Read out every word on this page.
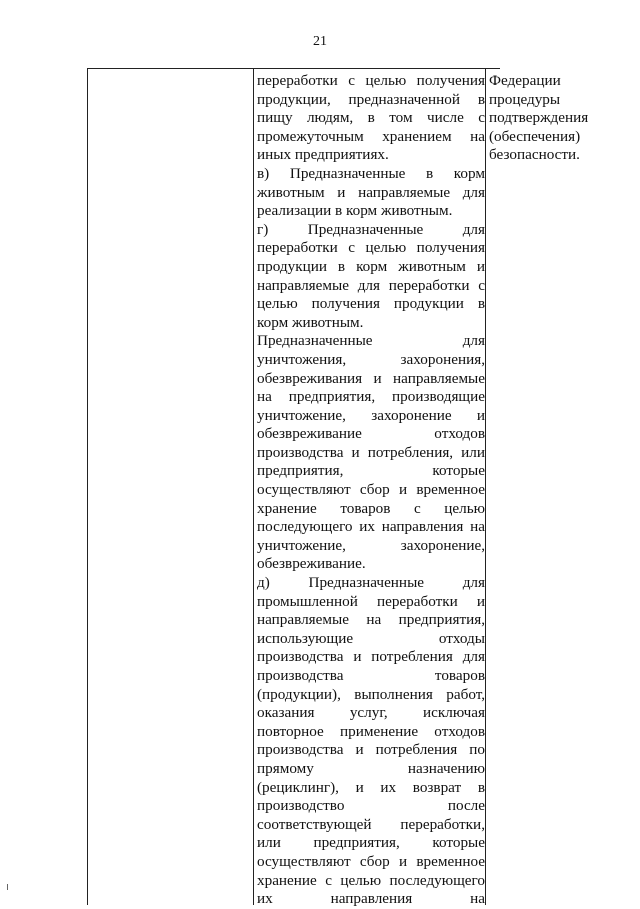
21
переработки с целью получения
продукции, предназначенной в
пищу людям, в том числе с
промежуточным хранением на
иных предприятиях.
в) Предназначенные в корм
животным и направляемые для
реализации в корм животным.
г) Предназначенные для
переработки с целью получения
продукции в корм животным и
направляемые для переработки с
целью получения продукции в
корм животным.
Предназначенные для
уничтожения, захоронения,
обезвреживания и направляемые
на предприятия, производящие
уничтожение, захоронение и
обезвреживание отходов
производства и потребления, или
предприятия, которые
осуществляют сбор и временное
хранение товаров с целью
последующего их направления на
уничтожение, захоронение,
обезвреживание.
д) Предназначенные для
промышленной переработки и
направляемые на предприятия,
использующие отходы
производства и потребления для
производства товаров
(продукции), выполнения работ,
оказания услуг, исключая
повторное применение отходов
производства и потребления по
прямому назначению
(рециклинг), и их возврат в
производство после
соответствующей переработки,
или предприятия, которые
осуществляют сбор и временное
хранение с целью последующего
их направления на
Федерации
процедуры
подтверждения
(обеспечения)
безопасности.
